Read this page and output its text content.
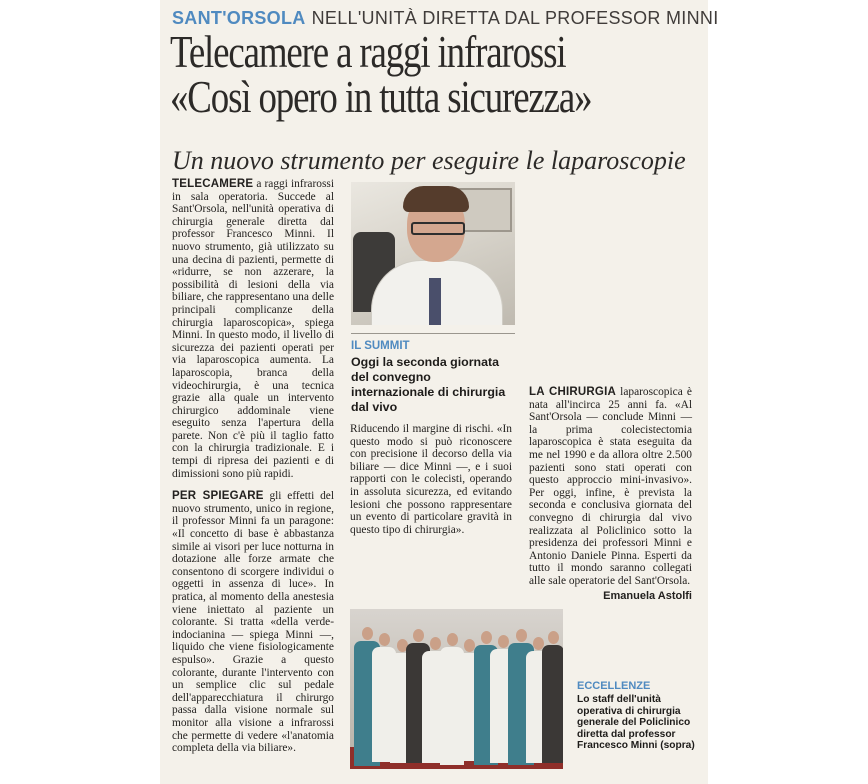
SANT'ORSOLA NELL'UNITÀ DIRETTA DAL PROFESSOR MINNI
Telecamere a raggi infrarossi
«Così opero in tutta sicurezza»
Un nuovo strumento per eseguire le laparoscopie

TELECAMERE a raggi infrarossi in sala operatoria. Succede al Sant'Orsola, nell'unità operativa di chirurgia generale diretta dal professor Francesco Minni. Il nuovo strumento, già utilizzato su una decina di pazienti, permette di «ridurre, se non azzerare, la possibilità di lesioni della via biliare, che rappresentano una delle principali complicanze della chirurgia laparoscopica», spiega Minni. In questo modo, il livello di sicurezza dei pazienti operati per via laparoscopica aumenta. La laparoscopia, branca della videochirurgia, è una tecnica grazie alla quale un intervento chirurgico addominale viene eseguito senza l'apertura della parete. Non c'è più il taglio fatto con la chirurgia tradizionale. E i tempi di ripresa dei pazienti e di dimissioni sono più rapidi.

PER SPIEGARE gli effetti del nuovo strumento, unico in regione, il professor Minni fa un paragone: «Il concetto di base è abbastanza simile ai visori per luce notturna in dotazione alle forze armate che consentono di scorgere individui o oggetti in assenza di luce». In pratica, al momento della anestesia viene iniettato al paziente un colorante. Si tratta «della verde-indocianina — spiega Minni —, liquido che viene fisiologicamente espulso». Grazie a questo colorante, durante l'intervento con un semplice clic sul pedale dell'apparecchiatura il chirurgo passa dalla visione normale sul monitor alla visione a infrarossi che permette di vedere «l'anatomia completa della via biliare».

IL SUMMIT
Oggi la seconda giornata del convegno internazionale di chirurgia dal vivo

Riducendo il margine di rischi. «In questo modo si può riconoscere con precisione il decorso della via biliare — dice Minni —, e i suoi rapporti con le colecisti, operando in assoluta sicurezza, ed evitando lesioni che possono rappresentare un evento di particolare gravità in questo tipo di chirurgia».

LA CHIRURGIA laparoscopica è nata all'incirca 25 anni fa. «Al Sant'Orsola — conclude Minni — la prima colecistectomia laparoscopica è stata eseguita da me nel 1990 e da allora oltre 2.500 pazienti sono stati operati con questo approccio mini-invasivo». Per oggi, infine, è prevista la seconda e conclusiva giornata del convegno di chirurgia dal vivo realizzata al Policlinico sotto la presidenza dei professori Minni e Antonio Daniele Pinna. Esperti da tutto il mondo saranno collegati alle sale operatorie del Sant'Orsola.

Emanuela Astolfi
ECCELLENZE
Lo staff dell'unità operativa di chirurgia generale del Policlinico diretta dal professor Francesco Minni (sopra)
